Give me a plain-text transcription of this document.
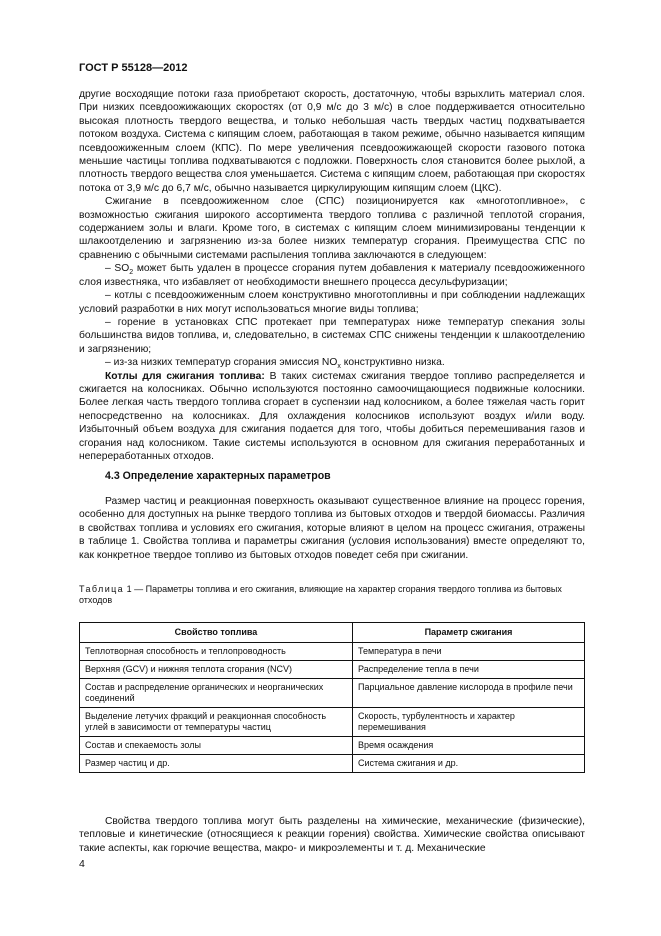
ГОСТ Р 55128—2012

другие восходящие потоки газа приобретают скорость, достаточную, чтобы взрыхлить материал слоя. При низких псевдоожижающих скоростях (от 0,9 м/с до 3 м/с) в слое поддерживается относительно высокая плотность твердого вещества, и только небольшая часть твердых частиц подхватывается потоком воздуха. Система с кипящим слоем, работающая в таком режиме, обычно называется кипящим псевдоожиженным слоем (КПС). По мере увеличения псевдоожижающей скорости газового потока меньшие частицы топлива подхватываются с подложки. Поверхность слоя становится более рыхлой, а плотность твердого вещества слоя уменьшается. Система с кипящим слоем, работающая при скоростях потока от 3,9 м/с до 6,7 м/с, обычно называется циркулирующим кипящим слоем (ЦКС).

Сжигание в псевдоожиженном слое (СПС) позиционируется как «многотопливное», с возможностью сжигания широкого ассортимента твердого топлива с различной теплотой сгорания, содержанием золы и влаги. Кроме того, в системах с кипящим слоем минимизированы тенденции к шлакоотделению и загрязнению из-за более низких температур сгорания. Преимущества СПС по сравнению с обычными системами распыления топлива заключаются в следующем:

– $SO_2$ может быть удален в процессе сгорания путем добавления к материалу псевдоожиженного слоя известняка, что избавляет от необходимости внешнего процесса десульфуризации;

– котлы с псевдоожиженным слоем конструктивно многотопливны и при соблюдении надлежащих условий разработки в них могут использоваться многие виды топлива;

– горение в установках СПС протекает при температурах ниже температур спекания золы большинства видов топлива, и, следовательно, в системах СПС снижены тенденции к шлакоотделению и загрязнению;

– из-за низких температур сгорания эмиссия $NO_x$ конструктивно низка.

Котлы для сжигания топлива: В таких системах сжигания твердое топливо распределяется и сжигается на колосниках. Обычно используются постоянно самоочищающиеся подвижные колосники. Более легкая часть твердого топлива сгорает в суспензии над колосником, а более тяжелая часть горит непосредственно на колосниках. Для охлаждения колосников используют воздух и/или воду. Избыточный объем воздуха для сжигания подается для того, чтобы добиться перемешивания газов и сгорания над колосником. Такие системы используются в основном для сжигания переработанных и непереработанных отходов.

4.3 Определение характерных параметров

Размер частиц и реакционная поверхность оказывают существенное влияние на процесс горения, особенно для доступных на рынке твердого топлива из бытовых отходов и твердой биомассы. Различия в свойствах топлива и условиях его сжигания, которые влияют в целом на процесс сжигания, отражены в таблице 1. Свойства топлива и параметры сжигания (условия использования) вместе определяют то, как конкретное твердое топливо из бытовых отходов поведет себя при сжигании.

Таблица 1 — Параметры топлива и его сжигания, влияющие на характер сгорания твердого топлива из бытовых отходов
Свойство топлива	Параметр сжигания
Теплотворная способность и теплопроводность	Температура в печи
Верхняя (GCV) и нижняя теплота сгорания (NCV)	Распределение тепла в печи
Состав и распределение органических и неорганических соединений	Парциальное давление кислорода в профиле печи
Выделение летучих фракций и реакционная способность углей в зависимости от температуры частиц	Скорость, турбулентность и характер перемешивания
Состав и спекаемость золы	Время осаждения
Размер частиц и др.	Система сжигания и др.

Свойства твердого топлива могут быть разделены на химические, механические (физические), тепловые и кинетические (относящиеся к реакции горения) свойства. Химические свойства описывают такие аспекты, как горючие вещества, макро- и микроэлементы и т. д. Механические

4
